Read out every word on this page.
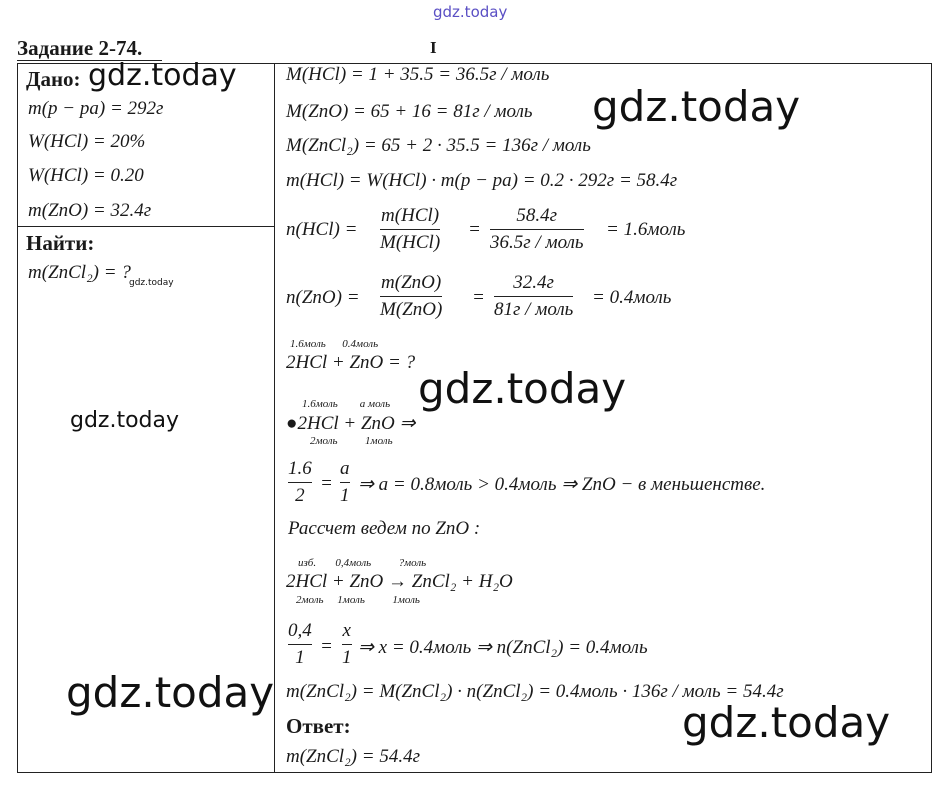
gdz.today
Задание 2-74.	I
Дано: gdz.today
m(p − pa) = 292г
W(HCl) = 20%
W(HCl) = 0.20
m(ZnO) = 32.4г
Найти:
m(ZnCl₂) = ?
gdz.today
gdz.today
M(HCl) = 1 + 35.5 = 36.5г / моль
M(ZnO) = 65 + 16 = 81г / моль gdz.today
M(ZnCl₂) = 65 + 2 · 35.5 = 136г / моль
m(HCl) = W(HCl) · m(p − pa) = 0.2 · 292г = 58.4г
n(HCl) =
m(HCl)
M(HCl)
=
58.4г
36.5г / моль
= 1.6моль
n(ZnO) =
m(ZnO)
M(ZnO)
=
32.4г
81г / моль
= 0.4моль
1.6моль      0.4моль
2HCl + ZnO = ?
gdz.today
1.6моль        a моль
●2HCl + ZnO ⇒
2моль          1моль
1.6
2
=
a
1
⇒ a = 0.8моль > 0.4моль ⇒ ZnO − в меньшенстве.
Рассчет ведем по ZnO :
изб.       0,4моль          ?моль
2HCl + ZnO → ZnCl₂ + H₂O
2моль     1моль          1моль
0,4
1
=
x
1 ⇒ x = 0.4моль ⇒ n(ZnCl₂) = 0.4моль
m(ZnCl₂) = M(ZnCl₂) · n(ZnCl₂) = 0.4моль · 136г / моль = 54.4г
gdz.today
Ответ:	gdz.today
m(ZnCl₂) = 54.4г
